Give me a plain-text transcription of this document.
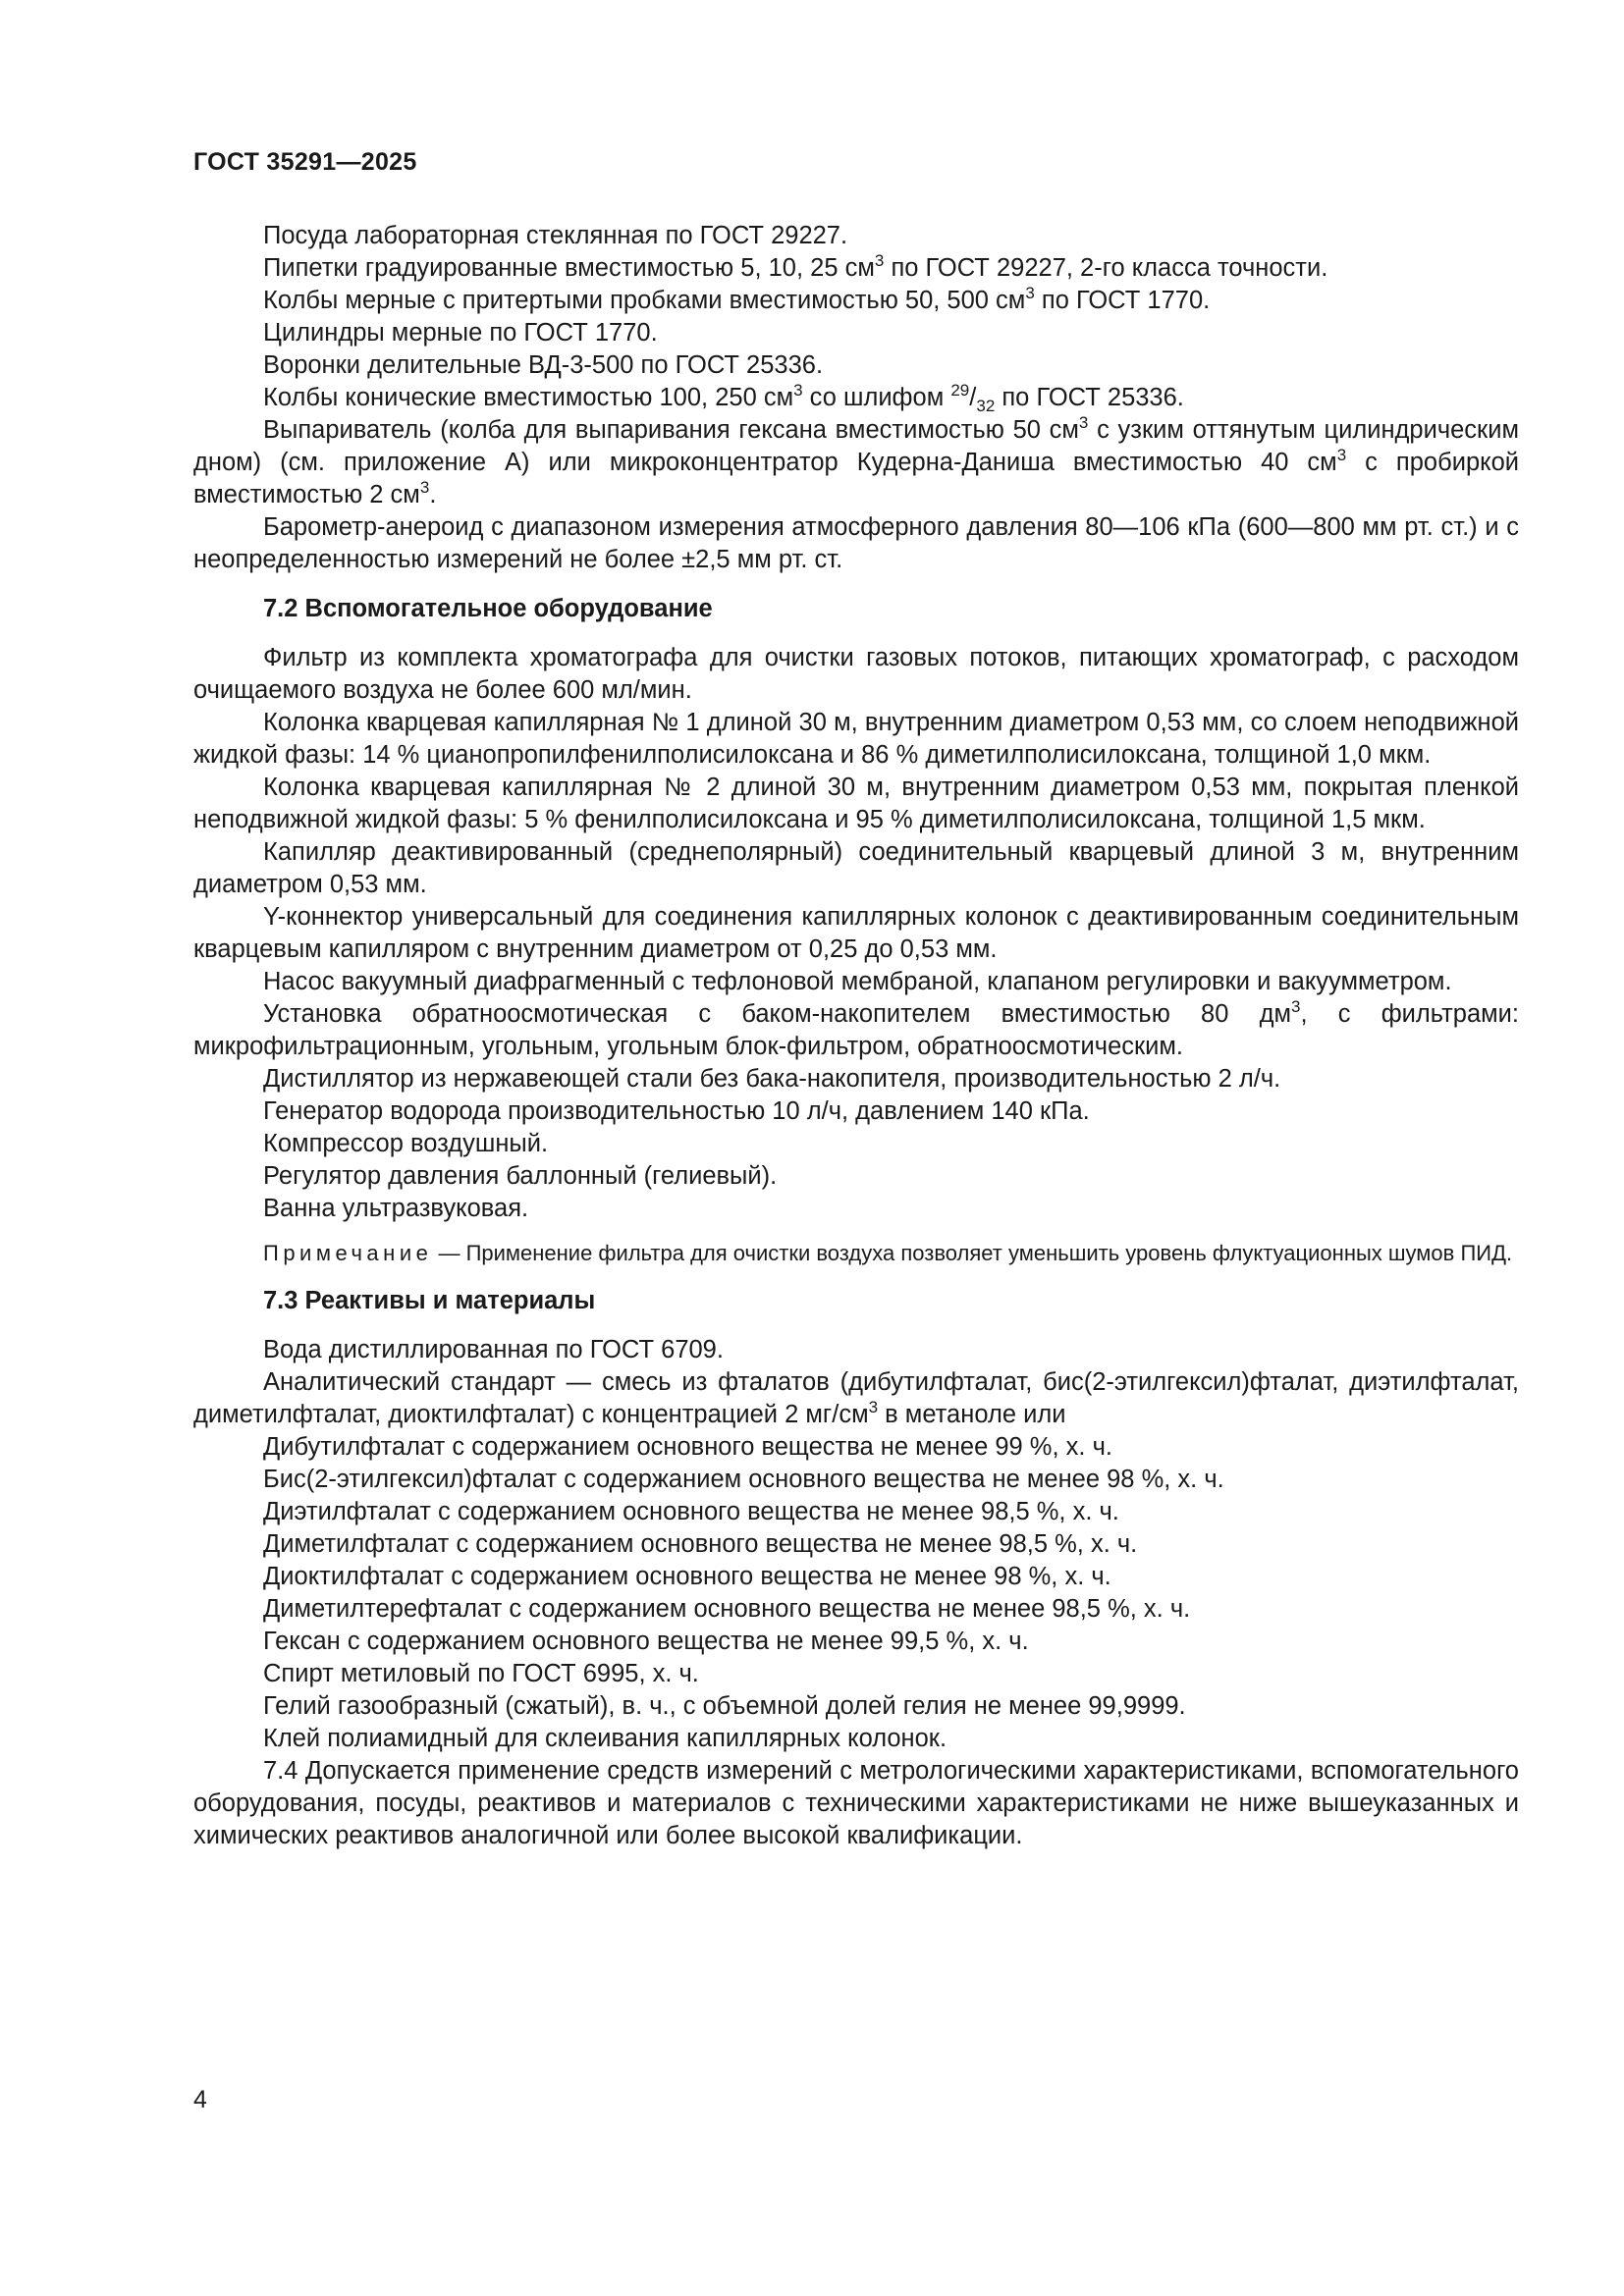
ГОСТ 35291—2025

Посуда лабораторная стеклянная по ГОСТ 29227.

Пипетки градуированные вместимостью 5, 10, 25 $см^3$ по ГОСТ 29227, 2-го класса точности.

Колбы мерные с притертыми пробками вместимостью 50, 500 $см^3$ по ГОСТ 1770.

Цилиндры мерные по ГОСТ 1770.

Воронки делительные ВД-3-500 по ГОСТ 25336.

Колбы конические вместимостью 100, 250 $см^3$ со шлифом $^{29}/_{32}$ по ГОСТ 25336.

Выпариватель (колба для выпаривания гексана вместимостью 50 $см^3$ с узким оттянутым цилиндрическим дном) (см. приложение А) или микроконцентратор Кудерна-Даниша вместимостью 40 $см^3$ с пробиркой вместимостью 2 $см^3$.

Барометр-анероид с диапазоном измерения атмосферного давления 80—106 кПа (600—800 мм рт. ст.) и с неопределенностью измерений не более ±2,5 мм рт. ст.

7.2 Вспомогательное оборудование

Фильтр из комплекта хроматографа для очистки газовых потоков, питающих хроматограф, с расходом очищаемого воздуха не более 600 мл/мин.

Колонка кварцевая капиллярная № 1 длиной 30 м, внутренним диаметром 0,53 мм, со слоем неподвижной жидкой фазы: 14 % цианопропилфенилполисилоксана и 86 % диметилполисилоксана, толщиной 1,0 мкм.

Колонка кварцевая капиллярная № 2 длиной 30 м, внутренним диаметром 0,53 мм, покрытая пленкой неподвижной жидкой фазы: 5 % фенилполисилоксана и 95 % диметилполисилоксана, толщиной 1,5 мкм.

Капилляр деактивированный (среднеполярный) соединительный кварцевый длиной 3 м, внутренним диаметром 0,53 мм.

Y-коннектор универсальный для соединения капиллярных колонок с деактивированным соединительным кварцевым капилляром с внутренним диаметром от 0,25 до 0,53 мм.

Насос вакуумный диафрагменный с тефлоновой мембраной, клапаном регулировки и вакуумметром.

Установка обратноосмотическая с баком-накопителем вместимостью 80 $дм^3$, с фильтрами: микрофильтрационным, угольным, угольным блок-фильтром, обратноосмотическим.

Дистиллятор из нержавеющей стали без бака-накопителя, производительностью 2 л/ч.

Генератор водорода производительностью 10 л/ч, давлением 140 кПа.

Компрессор воздушный.

Регулятор давления баллонный (гелиевый).

Ванна ультразвуковая.

Примечание — Применение фильтра для очистки воздуха позволяет уменьшить уровень флуктуационных шумов ПИД.
7.3 Реактивы и материалы

Вода дистиллированная по ГОСТ 6709.

Аналитический стандарт — смесь из фталатов (дибутилфталат, бис(2-этилгексил)фталат, диэтилфталат, диметилфталат, диоктилфталат) с концентрацией 2 $мг/см^3$ в метаноле или

Дибутилфталат с содержанием основного вещества не менее 99 %, х. ч.

Бис(2-этилгексил)фталат с содержанием основного вещества не менее 98 %, х. ч.

Диэтилфталат с содержанием основного вещества не менее 98,5 %, х. ч.

Диметилфталат с содержанием основного вещества не менее 98,5 %, х. ч.

Диоктилфталат с содержанием основного вещества не менее 98 %, х. ч.

Диметилтерефталат с содержанием основного вещества не менее 98,5 %, х. ч.

Гексан с содержанием основного вещества не менее 99,5 %, х. ч.

Спирт метиловый по ГОСТ 6995, х. ч.

Гелий газообразный (сжатый), в. ч., с объемной долей гелия не менее 99,9999.

Клей полиамидный для склеивания капиллярных колонок.

7.4 Допускается применение средств измерений с метрологическими характеристиками, вспомогательного оборудования, посуды, реактивов и материалов с техническими характеристиками не ниже вышеуказанных и химических реактивов аналогичной или более высокой квалификации.

4
